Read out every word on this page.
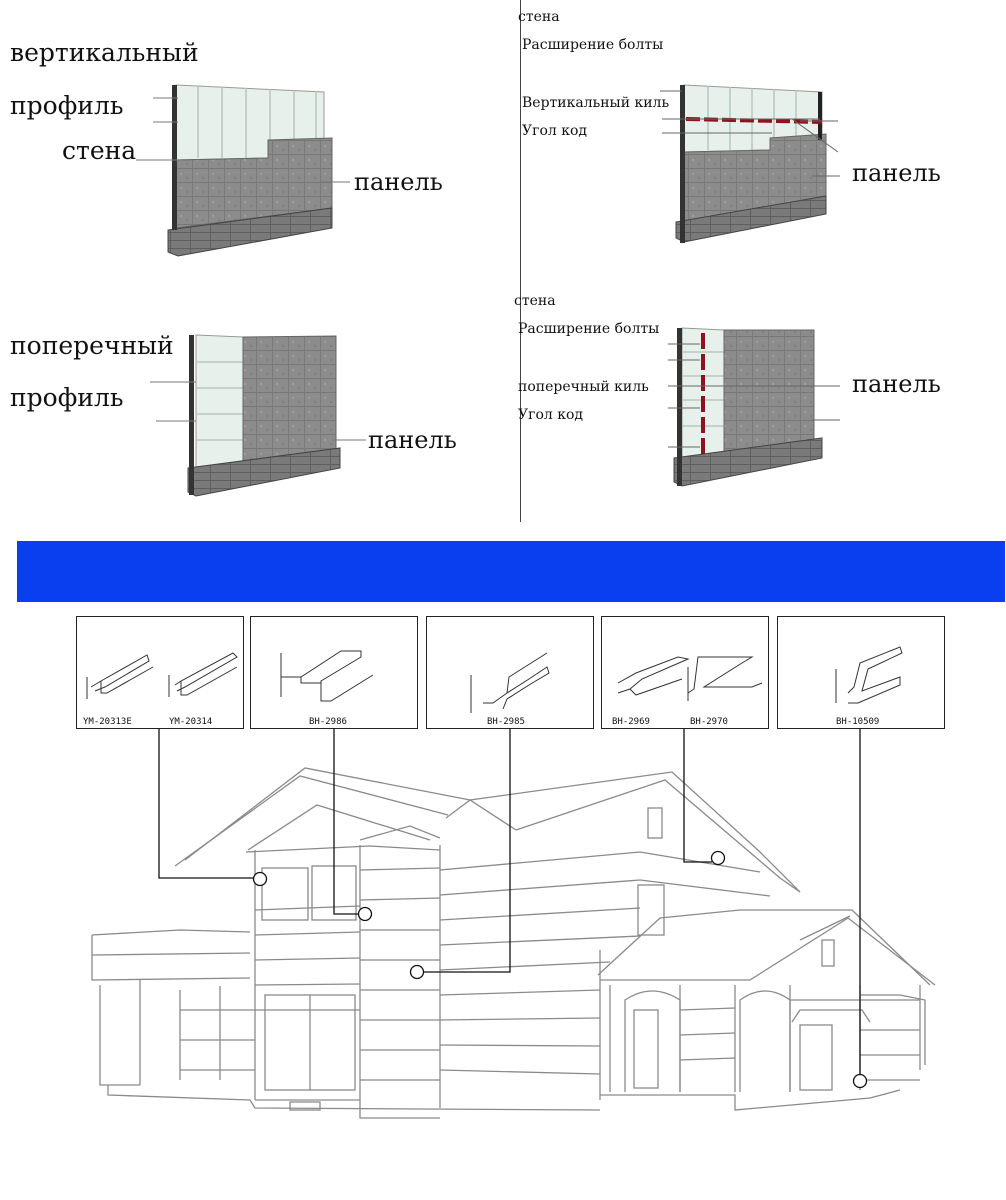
вертикальный
профиль
стена
панель
поперечный
профиль
панель
стена
Расширение болты
Вертикальный киль
Угол код
панель
стена
Расширение болты
поперечный киль
Угол код
панель
YM-20313E	YM-20314	BH-2986	BH-2985	BH-2969	BH-2970	BH-10509
